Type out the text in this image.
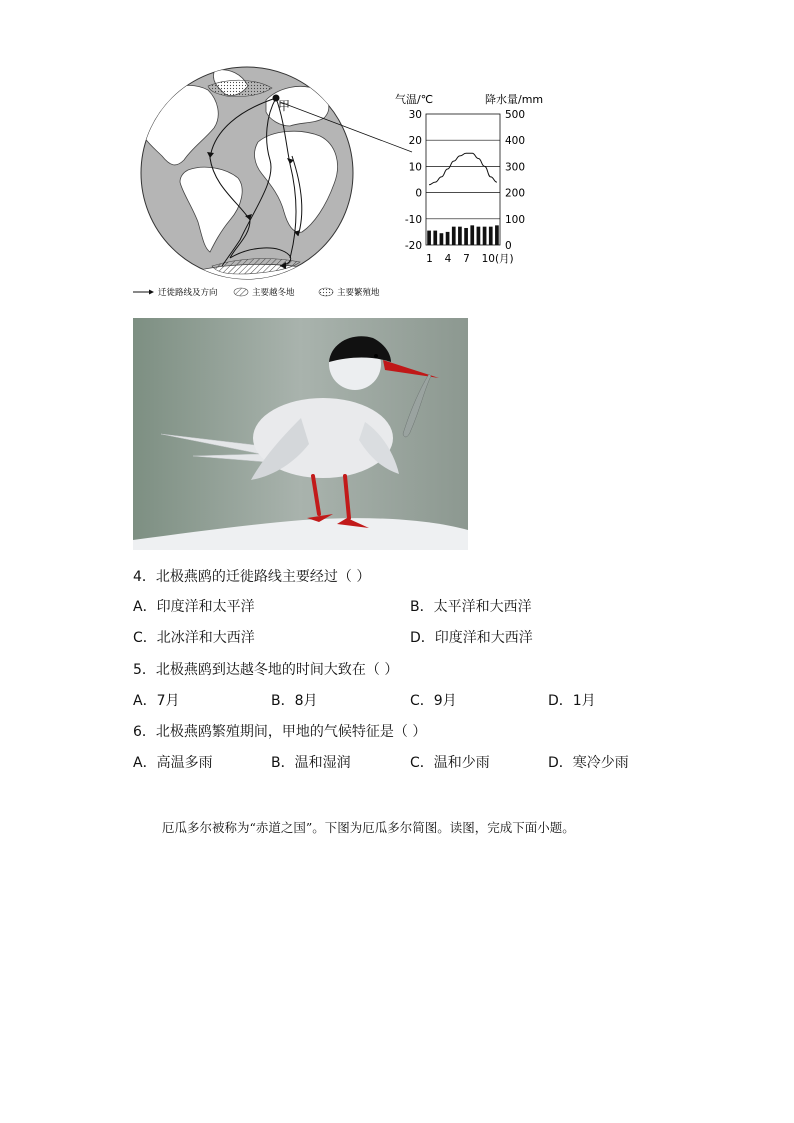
甲	气温/℃	降水量/mm
30
20
10
0
-10
-20
500
400
300
200
100
0
1 4 7 10(月)
迁徙路线及方向	主要越冬地	主要繁殖地
4．北极燕鸥的迁徙路线主要经过（ ）
A．印度洋和太平洋	B．太平洋和大西洋
C．北冰洋和大西洋	D．印度洋和大西洋
5．北极燕鸥到达越冬地的时间大致在（ ）
A．7月	B．8月	C．9月	D．1月
6．北极燕鸥繁殖期间，甲地的气候特征是（ ）
A．高温多雨	B．温和湿润	C．温和少雨	D．寒冷少雨
厄瓜多尔被称为“赤道之国”。下图为厄瓜多尔简图。读图，完成下面小题。
